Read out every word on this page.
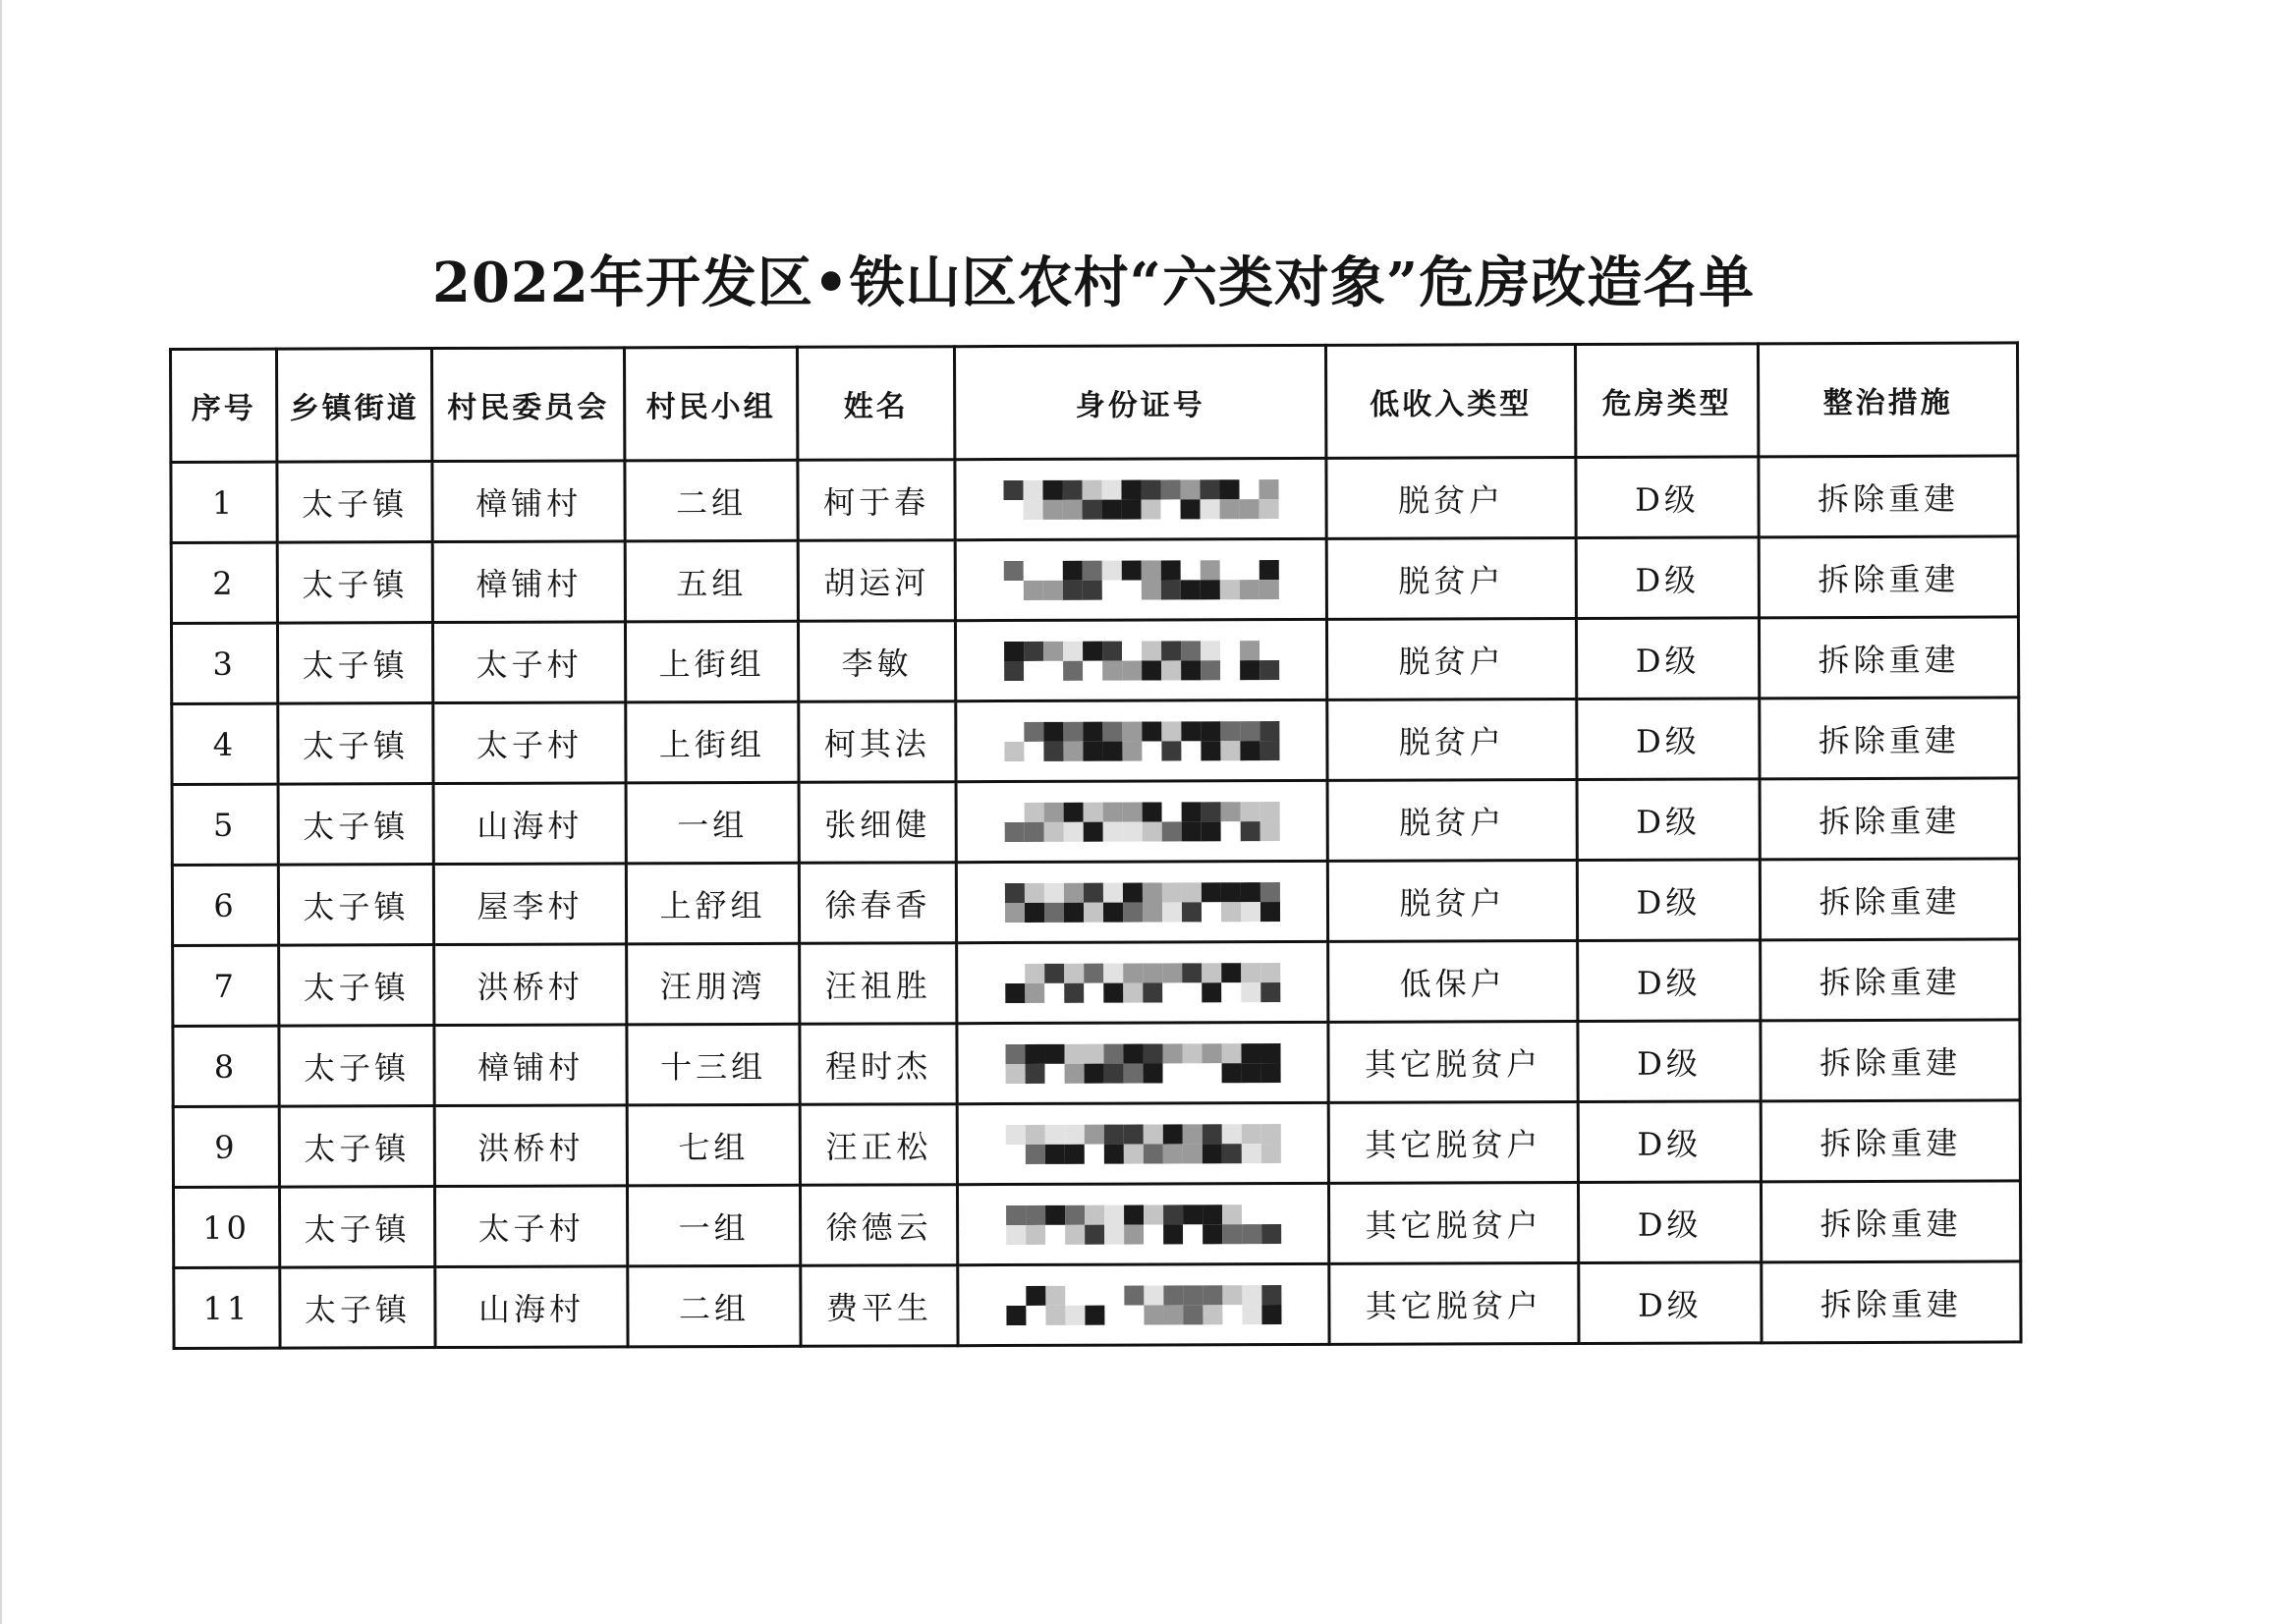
2022年开发区•铁山区农村“六类对象”危房改造名单
序号	乡镇街道	村民委员会	村民小组	姓名	身份证号	低收入类型	危房类型	整治措施
1	太子镇	樟铺村	二组	柯于春		脱贫户	D级	拆除重建
2	太子镇	樟铺村	五组	胡运河		脱贫户	D级	拆除重建
3	太子镇	太子村	上街组	李敏		脱贫户	D级	拆除重建
4	太子镇	太子村	上街组	柯其法		脱贫户	D级	拆除重建
5	太子镇	山海村	一组	张细健		脱贫户	D级	拆除重建
6	太子镇	屋李村	上舒组	徐春香		脱贫户	D级	拆除重建
7	太子镇	洪桥村	汪朋湾	汪祖胜		低保户	D级	拆除重建
8	太子镇	樟铺村	十三组	程时杰		其它脱贫户	D级	拆除重建
9	太子镇	洪桥村	七组	汪正松		其它脱贫户	D级	拆除重建
10	太子镇	太子村	一组	徐德云		其它脱贫户	D级	拆除重建
11	太子镇	山海村	二组	费平生		其它脱贫户	D级	拆除重建
